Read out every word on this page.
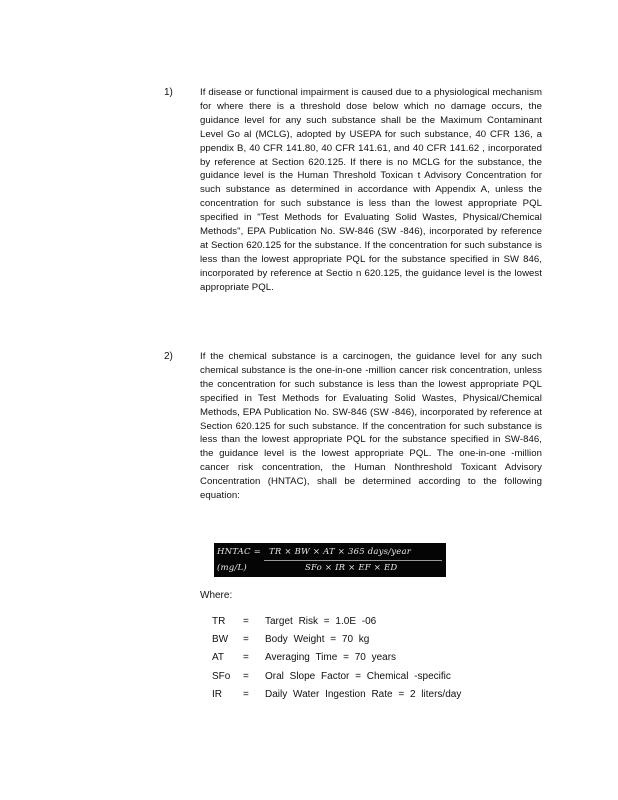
1)	If disease or functional impairment is caused due to a physiological mechanism for where there is a threshold dose below which no damage occurs, the guidance level for any such substance shall be the Maximum Contaminant Level Go al (MCLG), adopted by USEPA for such substance, 40 CFR 136, a ppendix B, 40 CFR 141.80, 40 CFR 141.61, and 40 CFR 141.62 , incorporated by reference at Section 620.125. If there is no MCLG for the substance, the guidance level is the Human Threshold Toxican t Advisory Concentration for such substance as determined in accordance with Appendix A, unless the concentration for such substance is less than the lowest appropriate PQL specified in "Test Methods for Evaluating Solid Wastes, Physical/Chemical Methods", EPA Publication No. SW-846 (SW -846), incorporated by reference at Section 620.125 for the substance. If the concentration for such substance is less than the lowest appropriate PQL for the substance specified in SW 846, incorporated by reference at Sectio n 620.125, the guidance level is the lowest appropriate PQL.
2)	If the chemical substance is a carcinogen, the guidance level for any such chemical substance is the one-in-one -million cancer risk concentration, unless the concentration for such substance is less than the lowest appropriate PQL specified in Test Methods for Evaluating Solid Wastes, Physical/Chemical Methods, EPA Publication No. SW-846 (SW -846), incorporated by reference at Section 620.125 for such substance. If the concentration for such substance is less than the lowest appropriate PQL for the substance specified in SW-846, the guidance level is the lowest appropriate PQL. The one-in-one -million cancer risk concentration, the Human Nonthreshold Toxicant Advisory Concentration (HNTAC), shall be determined according to the following equation:
HNTAC = TR × BW × AT × 365 days/year
(mg/L)	SFo × IR × EF × ED
Where:
TR = Target Risk = 1.0E -06
BW = Body Weight = 70 kg
AT = Averaging Time = 70 years
SFo = Oral Slope Factor = Chemical -specific
IR = Daily Water Ingestion Rate = 2 liters/day
